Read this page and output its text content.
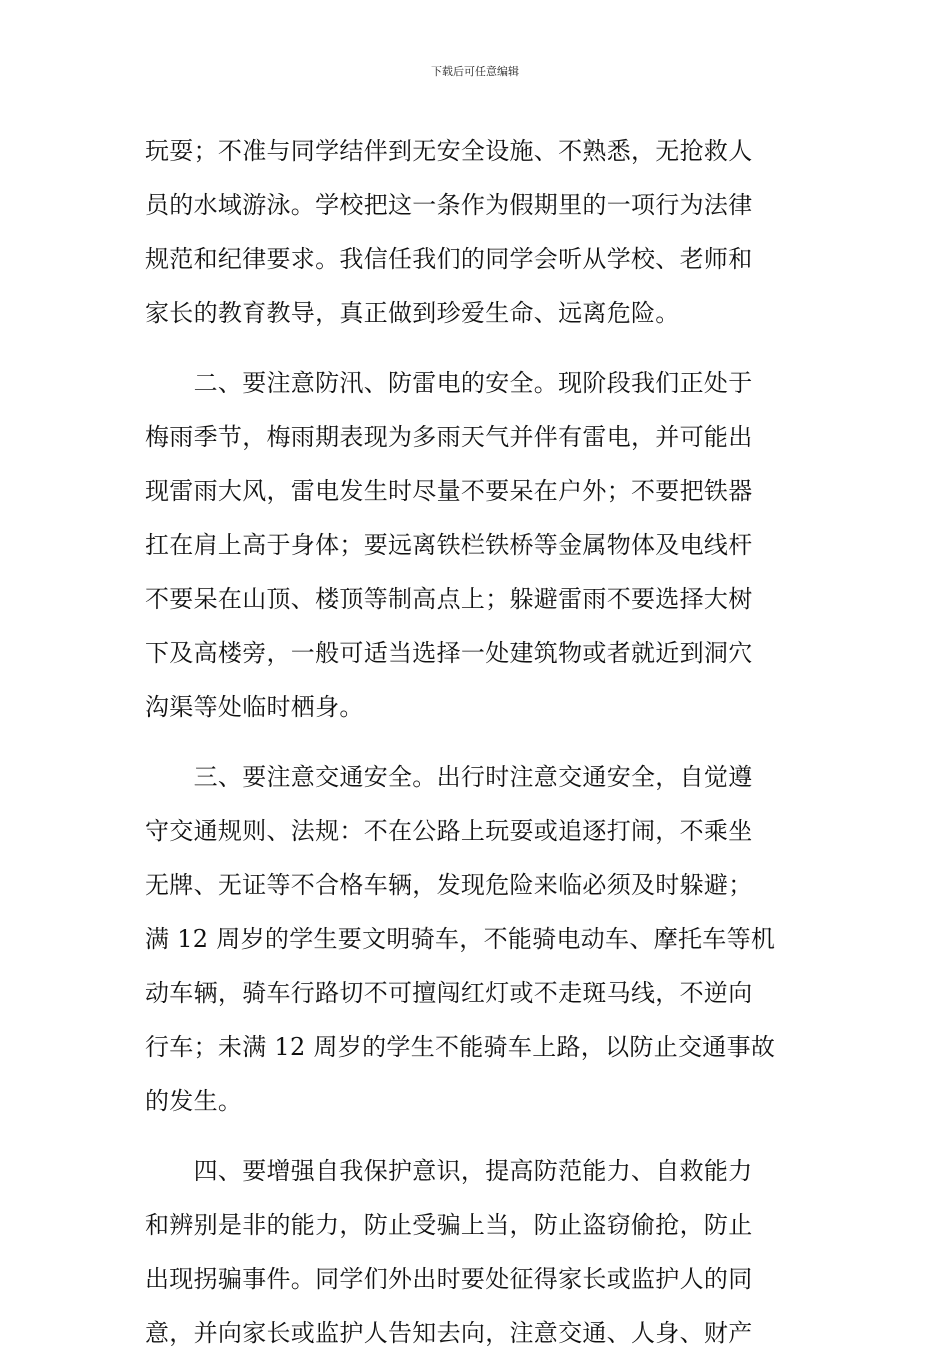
下载后可任意编辑
玩耍；不准与同学结伴到无安全设施、不熟悉，无抢救人
员的水域游泳。学校把这一条作为假期里的一项行为法律
规范和纪律要求。我信任我们的同学会听从学校、老师和
家长的教育教导，真正做到珍爱生命、远离危险。
　　二、要注意防汛、防雷电的安全。现阶段我们正处于
梅雨季节，梅雨期表现为多雨天气并伴有雷电，并可能出
现雷雨大风，雷电发生时尽量不要呆在户外；不要把铁器
扛在肩上高于身体；要远离铁栏铁桥等金属物体及电线杆
不要呆在山顶、楼顶等制高点上；躲避雷雨不要选择大树
下及高楼旁，一般可适当选择一处建筑物或者就近到洞穴
沟渠等处临时栖身。
　　三、要注意交通安全。出行时注意交通安全，自觉遵
守交通规则、法规：不在公路上玩耍或追逐打闹，不乘坐
无牌、无证等不合格车辆，发现危险来临必须及时躲避；
满 12 周岁的学生要文明骑车，不能骑电动车、摩托车等机
动车辆，骑车行路切不可擅闯红灯或不走斑马线，不逆向
行车；未满 12 周岁的学生不能骑车上路，以防止交通事故
的发生。
　　四、要增强自我保护意识，提高防范能力、自救能力
和辨别是非的能力，防止受骗上当，防止盗窃偷抢，防止
出现拐骗事件。同学们外出时要处征得家长或监护人的同
意，并向家长或监护人告知去向，注意交通、人身、财产
